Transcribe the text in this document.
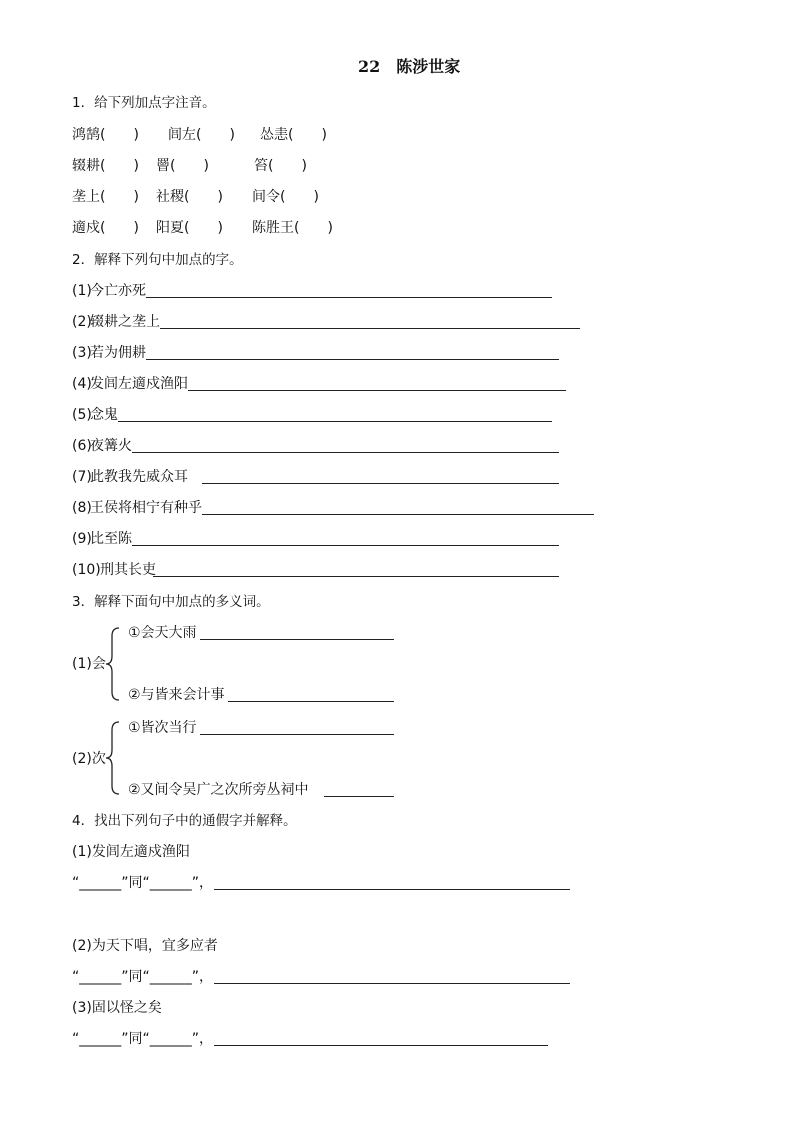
22　陈涉世家
1．给下列加点字注音。
鸿鹄(　　) 闾左(　　) 怂恚(　　)
辍耕(　　) 罾(　　)	笞(　　)
垄上(　　) 社稷(　　) 间令(　　)
適戍(　　) 阳夏(　　) 陈胜王(　　)
2．解释下列句中加点的字。
(1)
今亡亦死
(2)
辍耕之垄上
(3)
若为佣耕
(4)
发闾左適戍渔阳
(5)
念鬼
(6)
夜篝火
(7)
此教我先威众耳
(8)
王侯将相宁有种乎
(9)
比至陈
(10) 刑其长吏
3．解释下面句中加点的多义词。
(1)会
①会天大雨
②与皆来会计事
(2)次
①皆次当行
②又间令吴广之次所旁丛祠中
4．找出下列句子中的通假字并解释。
(1)发闾左適戍渔阳
“______”同“______”，
(2)为天下唱，宜多应者
“______”同“______”，
(3)固以怪之矣
“______”同“______”，
